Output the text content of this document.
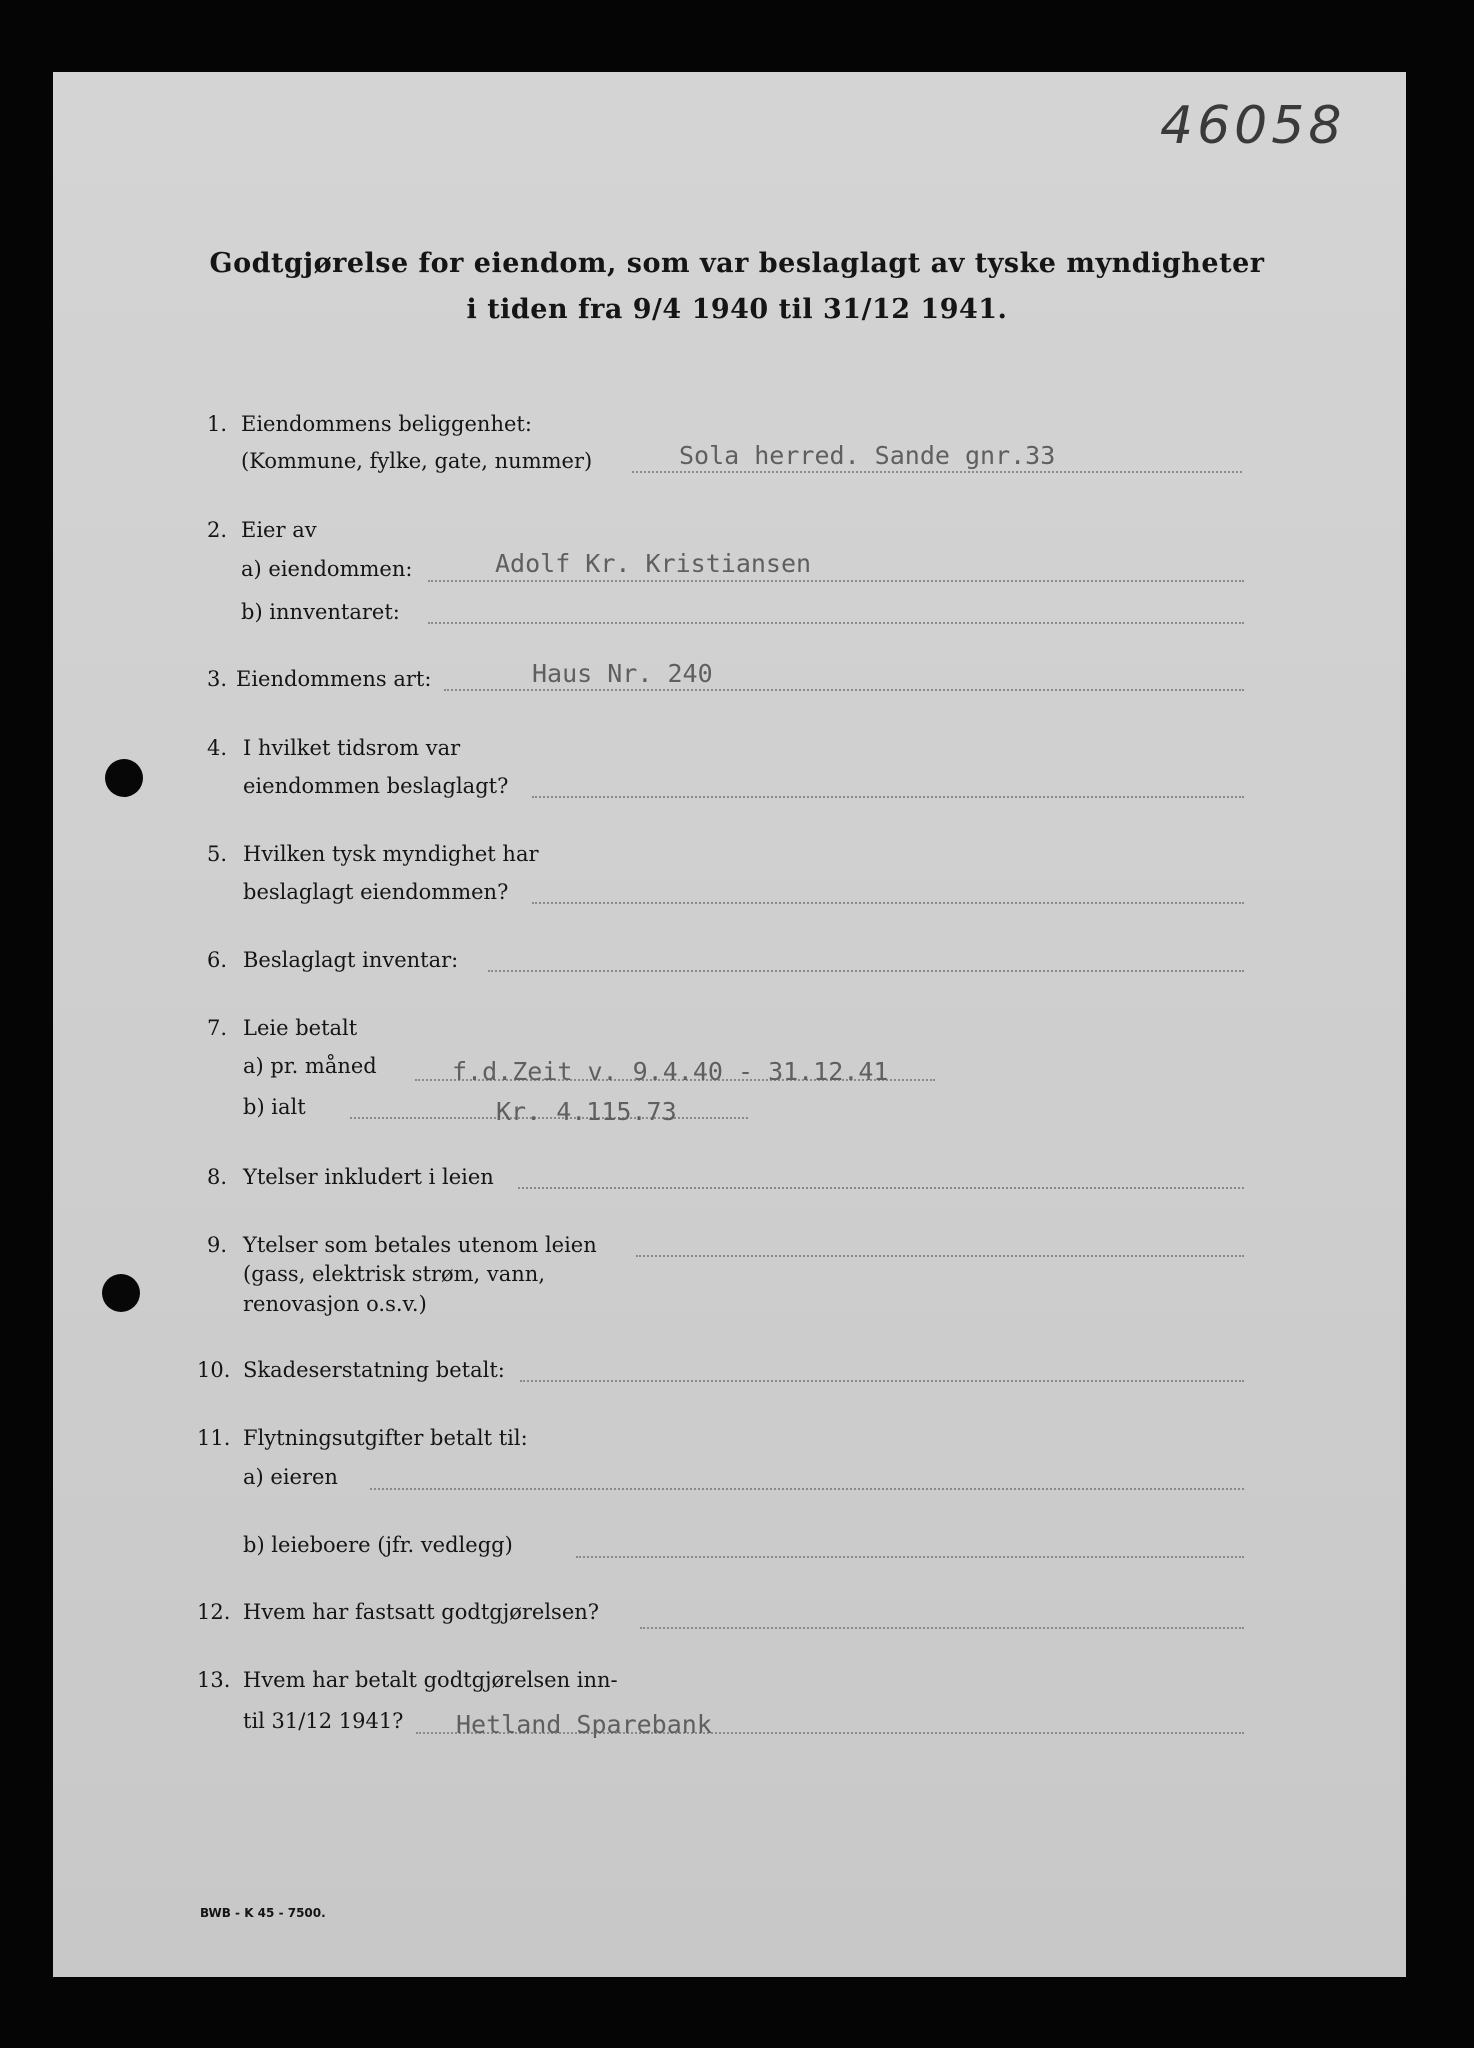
46058
Godtgjørelse for eiendom, som var beslaglagt av tyske myndigheter
i tiden fra 9/4 1940 til 31/12 1941.
1. Eiendommens beliggenhet:
(Kommune, fylke, gate, nummer)	Sola herred. Sande gnr.33
2. Eier av
a) eiendommen:	Adolf Kr. Kristiansen
b) innventaret:
3. Eiendommens art:	Haus Nr. 240
4. I hvilket tidsrom var
eiendommen beslaglagt?
5. Hvilken tysk myndighet har
beslaglagt eiendommen?
6. Beslaglagt inventar:
7. Leie betalt
a) pr. måned	f.d.Zeit v. 9.4.40 - 31.12.41
b) ialt	Kr. 4.115.73
8. Ytelser inkludert i leien
9. Ytelser som betales utenom leien
(gass, elektrisk strøm, vann,
renovasjon o.s.v.)
10. Skadeserstatning betalt:
11. Flytningsutgifter betalt til:
a) eieren
b) leieboere (jfr. vedlegg)
12. Hvem har fastsatt godtgjørelsen?
13. Hvem har betalt godtgjørelsen inn-
til 31/12 1941? Hetland Sparebank
BWB - K 45 - 7500.
